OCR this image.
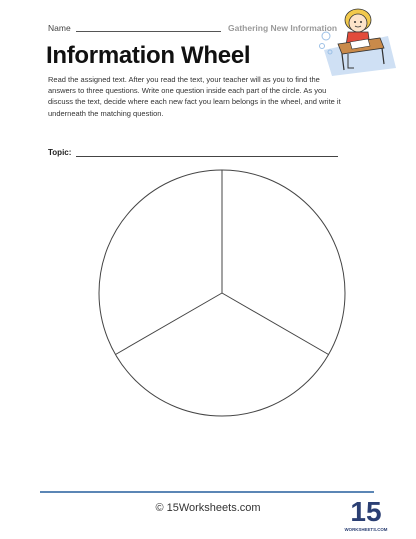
Name	Gathering New Information
Information Wheel

Read the assigned text. After you read the text, your teacher will as you to find the answers to three questions. Write one question inside each part of the circle. As you discuss the text, decide where each new fact you learn belongs in the wheel, and write it underneath the matching question.

Topic:
© 15Worksheets.com	15
WORKSHEETS.COM
